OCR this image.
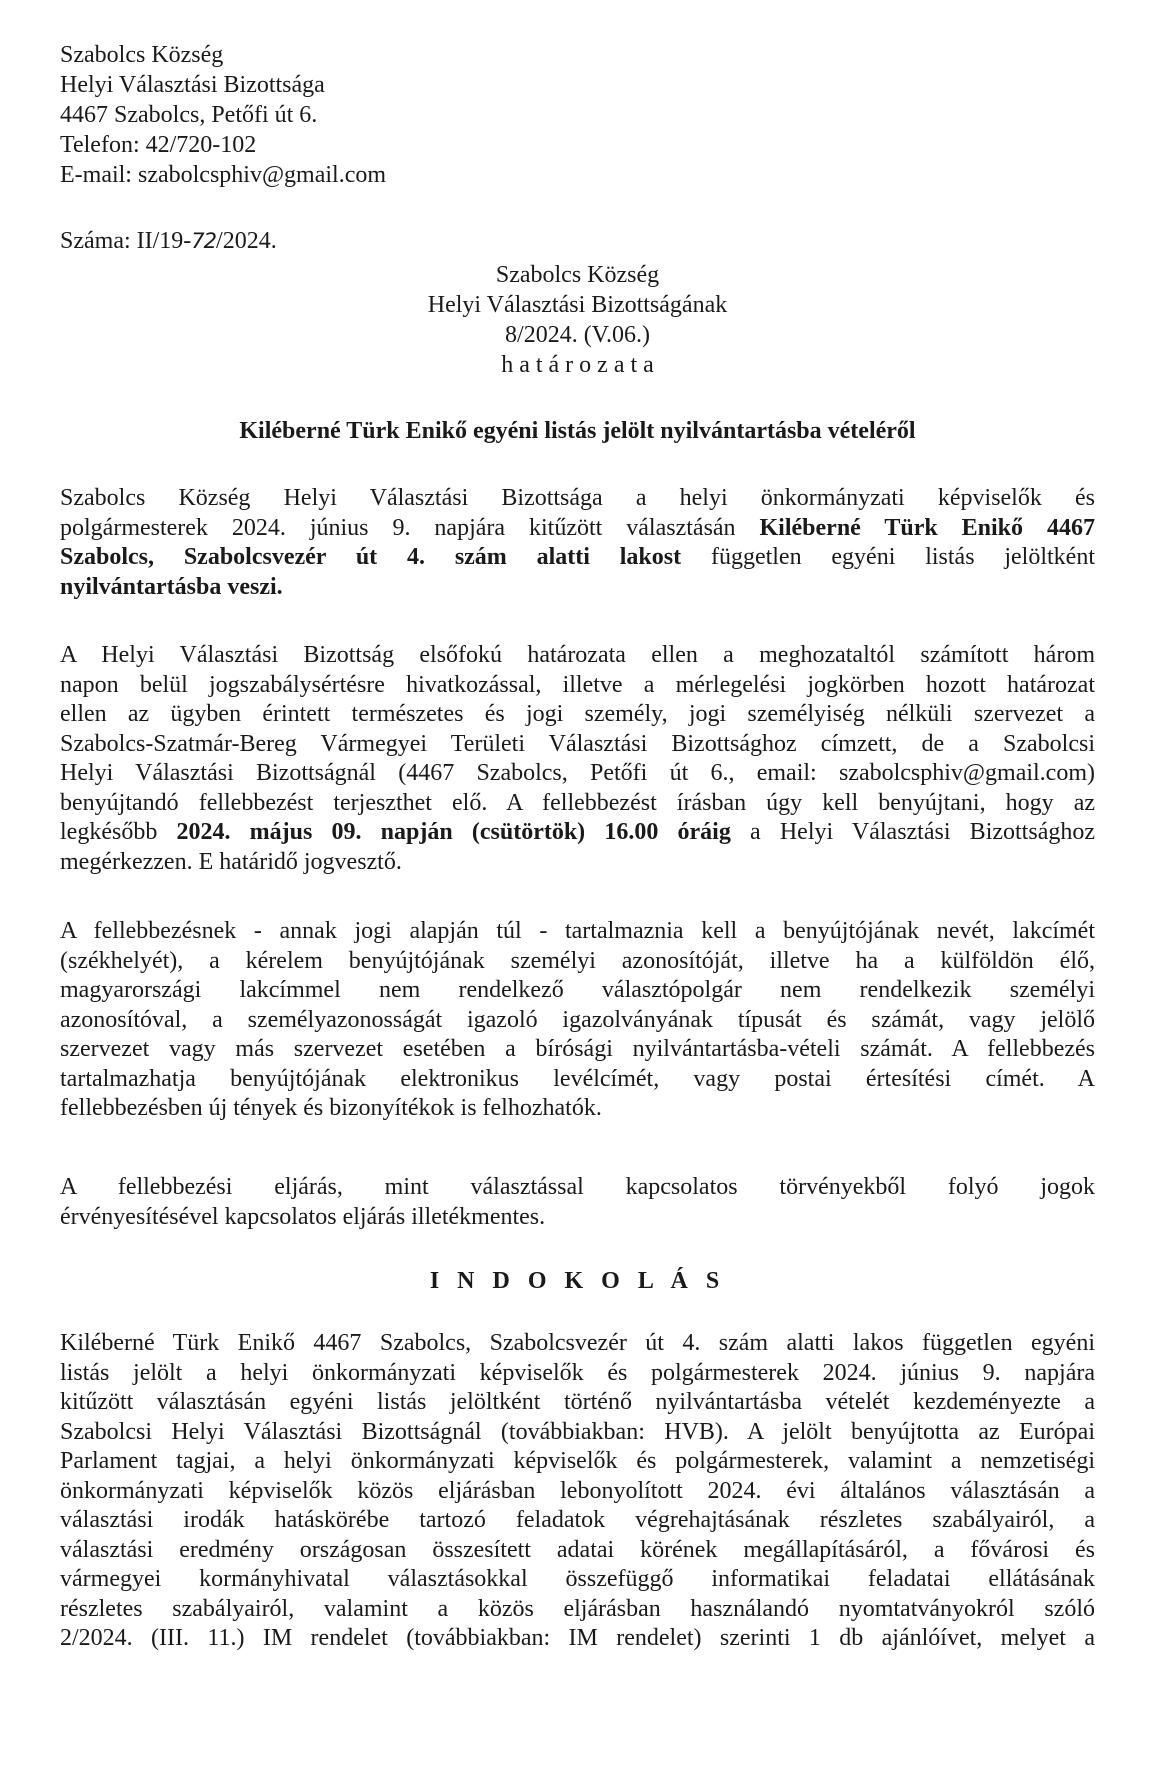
Szabolcs Község
Helyi Választási Bizottsága
4467 Szabolcs, Petőfi út 6.
Telefon: 42/720-102
E-mail: szabolcsphiv@gmail.com
Száma: II/19-72/2024.
Szabolcs Község
Helyi Választási Bizottságának
8/2024. (V.06.)
h a t á r o z a t a
Kiléberné Türk Enikő egyéni listás jelölt nyilvántartásba vételéről
Szabolcs Község Helyi Választási Bizottsága a helyi önkormányzati képviselők és
polgármesterek 2024. június 9. napjára kitűzött választásán Kiléberné Türk Enikő 4467
Szabolcs, Szabolcsvezér út 4. szám alatti lakost független egyéni listás jelöltként
nyilvántartásba veszi.
A Helyi Választási Bizottság elsőfokú határozata ellen a meghozataltól számított három
napon belül jogszabálysértésre hivatkozással, illetve a mérlegelési jogkörben hozott határozat
ellen az ügyben érintett természetes és jogi személy, jogi személyiség nélküli szervezet a
Szabolcs-Szatmár-Bereg Vármegyei Területi Választási Bizottsághoz címzett, de a Szabolcsi
Helyi Választási Bizottságnál (4467 Szabolcs, Petőfi út 6., email: szabolcsphiv@gmail.com)
benyújtandó fellebbezést terjeszthet elő. A fellebbezést írásban úgy kell benyújtani, hogy az
legkésőbb 2024. május 09. napján (csütörtök) 16.00 óráig a Helyi Választási Bizottsághoz
megérkezzen. E határidő jogvesztő.
A fellebbezésnek - annak jogi alapján túl - tartalmaznia kell a benyújtójának nevét, lakcímét
(székhelyét), a kérelem benyújtójának személyi azonosítóját, illetve ha a külföldön élő,
magyarországi lakcímmel nem rendelkező választópolgár nem rendelkezik személyi
azonosítóval, a személyazonosságát igazoló igazolványának típusát és számát, vagy jelölő
szervezet vagy más szervezet esetében a bírósági nyilvántartásba-vételi számát. A fellebbezés
tartalmazhatja benyújtójának elektronikus levélcímét, vagy postai értesítési címét. A
fellebbezésben új tények és bizonyítékok is felhozhatók.
A fellebbezési eljárás, mint választással kapcsolatos törvényekből folyó jogok
érvényesítésével kapcsolatos eljárás illetékmentes.
I N D O K O L Á S
Kiléberné Türk Enikő 4467 Szabolcs, Szabolcsvezér út 4. szám alatti lakos független egyéni
listás jelölt a helyi önkormányzati képviselők és polgármesterek 2024. június 9. napjára
kitűzött választásán egyéni listás jelöltként történő nyilvántartásba vételét kezdeményezte a
Szabolcsi Helyi Választási Bizottságnál (továbbiakban: HVB). A jelölt benyújtotta az Európai
Parlament tagjai, a helyi önkormányzati képviselők és polgármesterek, valamint a nemzetiségi
önkormányzati képviselők közös eljárásban lebonyolított 2024. évi általános választásán a
választási irodák hatáskörébe tartozó feladatok végrehajtásának részletes szabályairól, a
választási eredmény országosan összesített adatai körének megállapításáról, a fővárosi és
vármegyei kormányhivatal választásokkal összefüggő informatikai feladatai ellátásának
részletes szabályairól, valamint a közös eljárásban használandó nyomtatványokról szóló
2/2024. (III. 11.) IM rendelet (továbbiakban: IM rendelet) szerinti 1 db ajánlóívet, melyet a
